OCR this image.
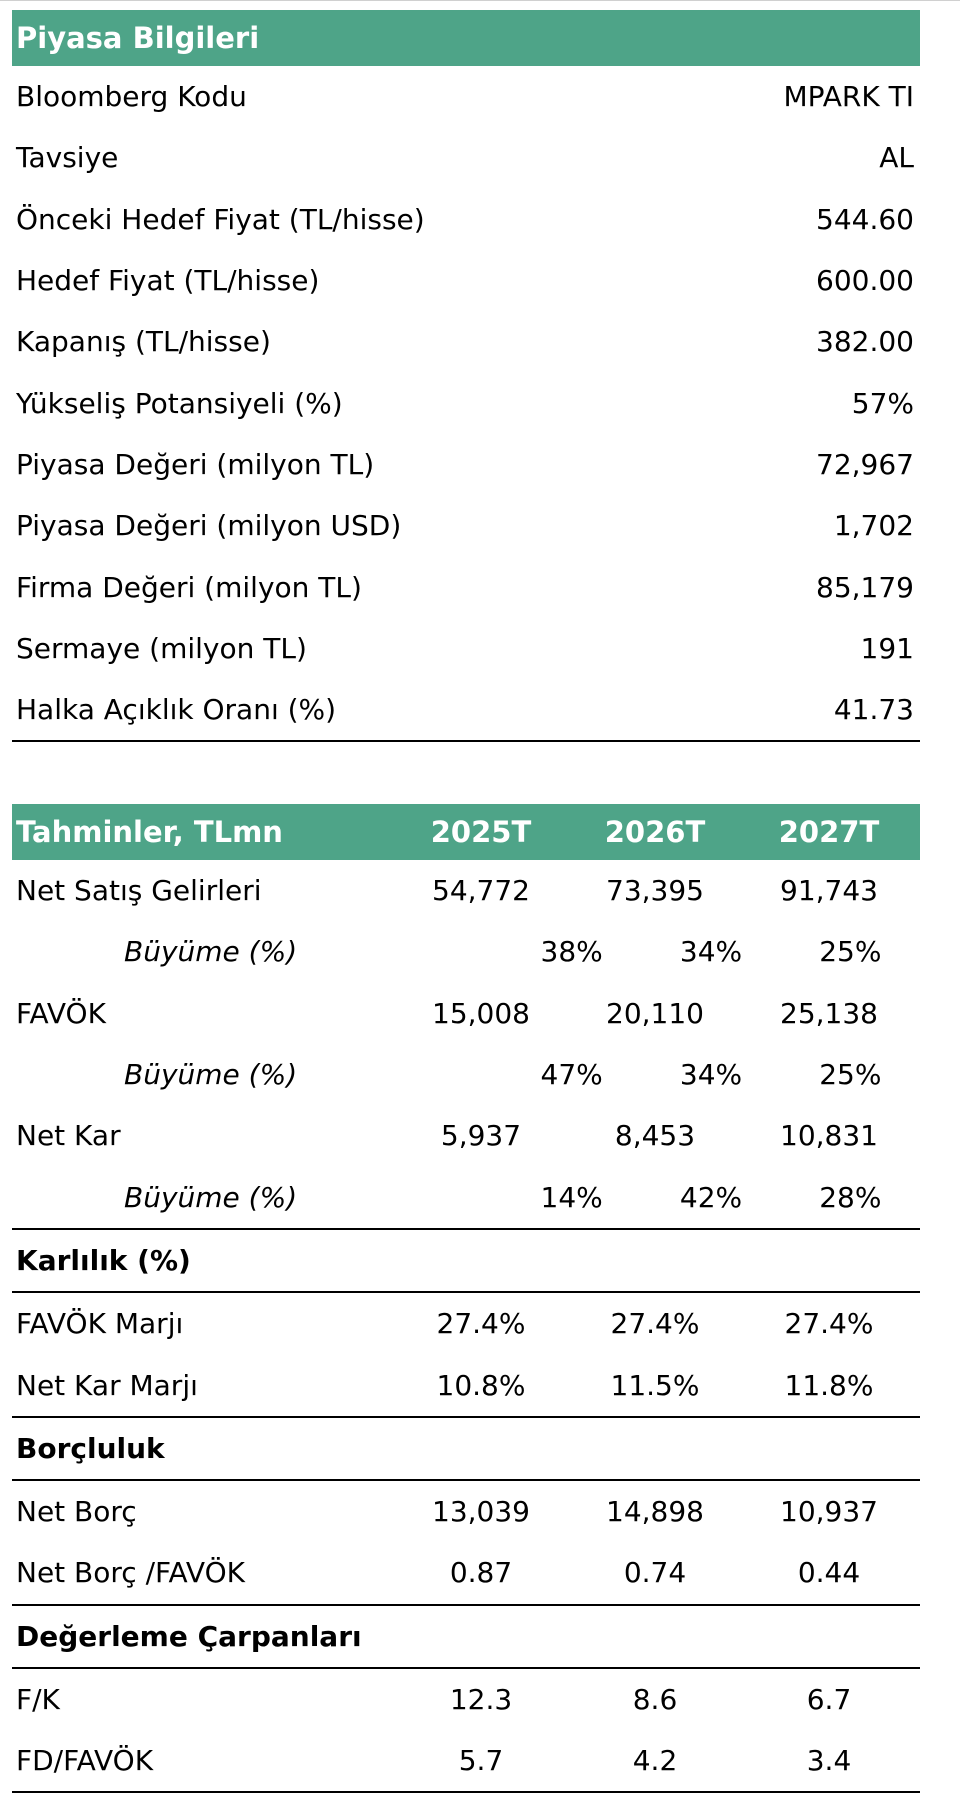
Piyasa Bilgileri
Bloomberg Kodu	MPARK TI
Tavsiye	AL
Önceki Hedef Fiyat (TL/hisse)	544.60
Hedef Fiyat (TL/hisse)	600.00
Kapanış (TL/hisse)	382.00
Yükseliş Potansiyeli (%)	57%
Piyasa Değeri (milyon TL)	72,967
Piyasa Değeri (milyon USD)	1,702
Firma Değeri (milyon TL)	85,179
Sermaye (milyon TL)	191
Halka Açıklık Oranı (%)	41.73
Tahminler, TLmn	2025T	2026T	2027T
Net Satış Gelirleri	54,772	73,395	91,743
Büyüme (%)	38%	34%	25%
FAVÖK	15,008	20,110	25,138
Büyüme (%)	47%	34%	25%
Net Kar	5,937	8,453	10,831
Büyüme (%)	14%	42%	28%
Karlılık (%)
FAVÖK Marjı	27.4%	27.4%	27.4%
Net Kar Marjı	10.8%	11.5%	11.8%
Borçluluk
Net Borç	13,039	14,898	10,937
Net Borç /FAVÖK	0.87	0.74	0.44
Değerleme Çarpanları
F/K	12.3	8.6	6.7
FD/FAVÖK	5.7	4.2	3.4
